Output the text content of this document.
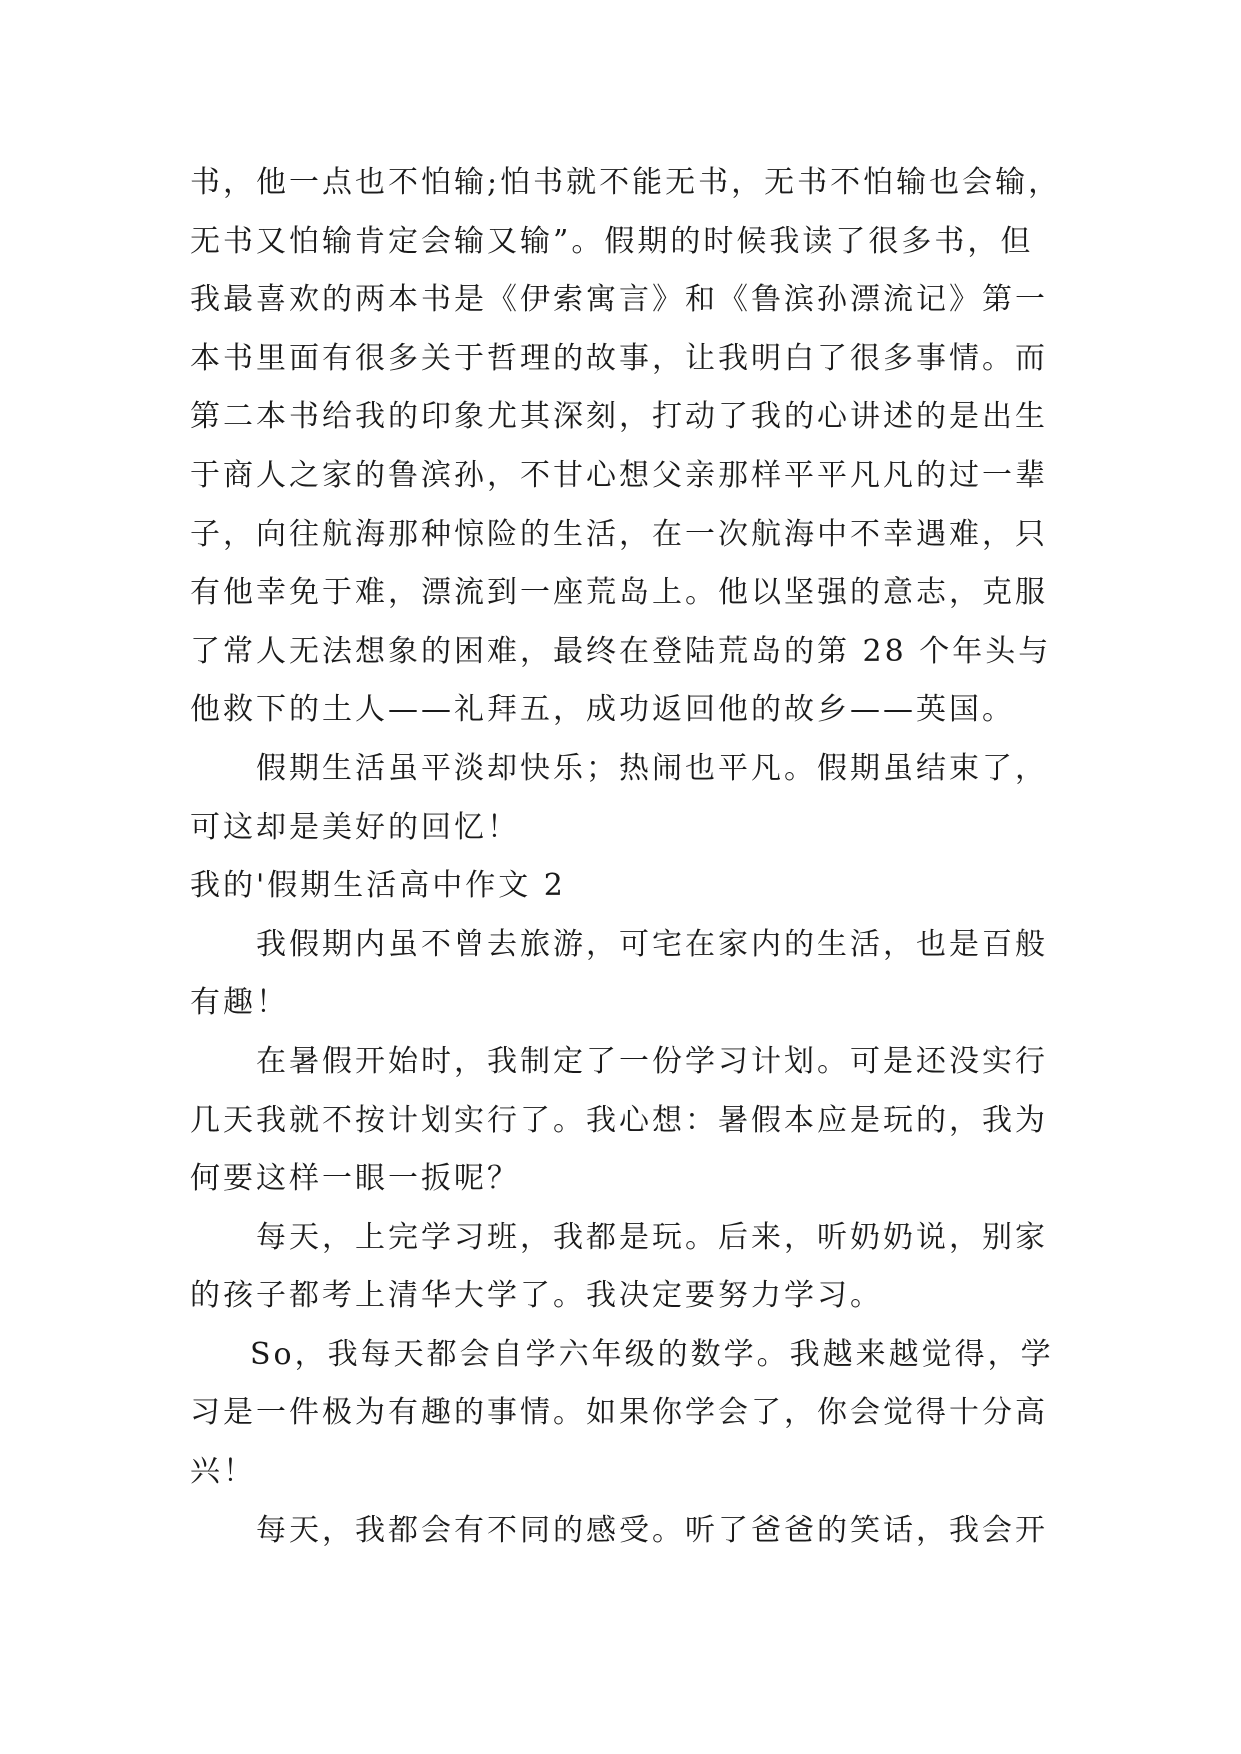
书，他一点也不怕输;怕书就不能无书，无书不怕输也会输，
无书又怕输肯定会输又输”。假期的时候我读了很多书，但
我最喜欢的两本书是《伊索寓言》和《鲁滨孙漂流记》第一
本书里面有很多关于哲理的故事，让我明白了很多事情。而
第二本书给我的印象尤其深刻，打动了我的心讲述的是出生
于商人之家的鲁滨孙，不甘心想父亲那样平平凡凡的过一辈
子，向往航海那种惊险的生活，在一次航海中不幸遇难，只
有他幸免于难，漂流到一座荒岛上。他以坚强的意志，克服
了常人无法想象的困难，最终在登陆荒岛的第 28 个年头与
他救下的土人——礼拜五，成功返回他的故乡——英国。
假期生活虽平淡却快乐；热闹也平凡。假期虽结束了，
可这却是美好的回忆！
我的'假期生活高中作文 2
我假期内虽不曾去旅游，可宅在家内的生活，也是百般
有趣！
在暑假开始时，我制定了一份学习计划。可是还没实行
几天我就不按计划实行了。我心想：暑假本应是玩的，我为
何要这样一眼一扳呢？
每天，上完学习班，我都是玩。后来，听奶奶说，别家
的孩子都考上清华大学了。我决定要努力学习。
So，我每天都会自学六年级的数学。我越来越觉得，学
习是一件极为有趣的事情。如果你学会了，你会觉得十分高
兴！
每天，我都会有不同的感受。听了爸爸的笑话，我会开
